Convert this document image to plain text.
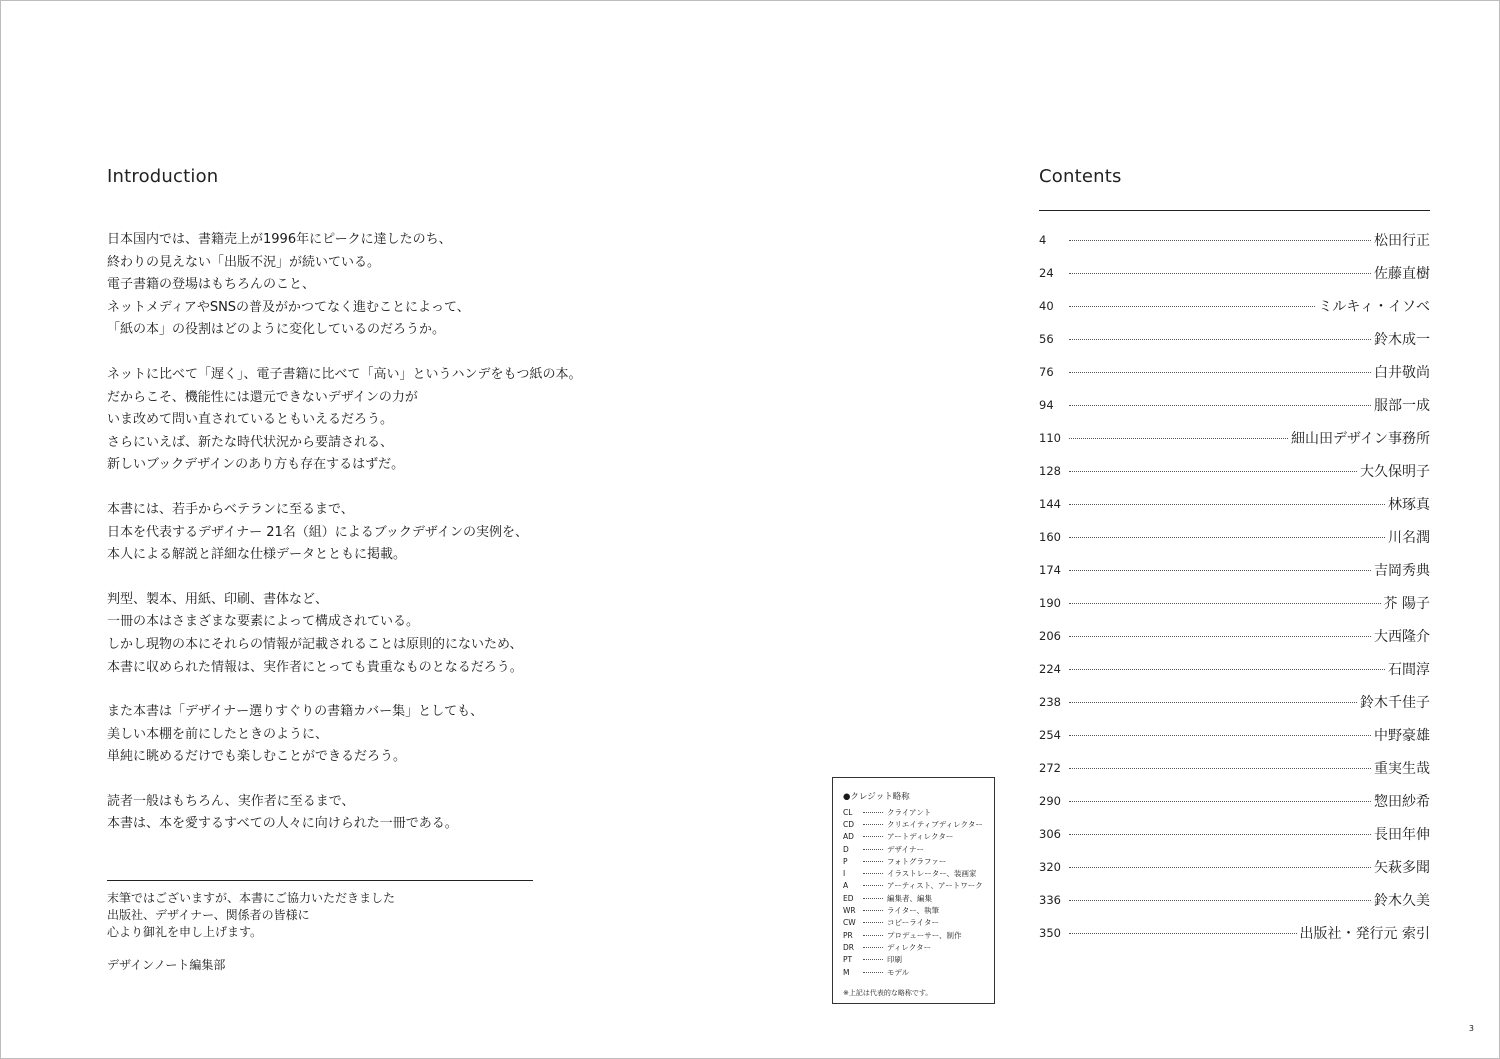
Introduction
日本国内では、書籍売上が1996年にピークに達したのち、
終わりの見えない「出版不況」が続いている。
電子書籍の登場はもちろんのこと、
ネットメディアやSNSの普及がかつてなく進むことによって、
「紙の本」の役割はどのように変化しているのだろうか。
ネットに比べて「遅く」、電子書籍に比べて「高い」というハンデをもつ紙の本。
だからこそ、機能性には還元できないデザインの力が
いま改めて問い直されているともいえるだろう。
さらにいえば、新たな時代状況から要請される、
新しいブックデザインのあり方も存在するはずだ。
本書には、若手からベテランに至るまで、
日本を代表するデザイナー 21名（組）によるブックデザインの実例を、
本人による解説と詳細な仕様データとともに掲載。
判型、製本、用紙、印刷、書体など、
一冊の本はさまざまな要素によって構成されている。
しかし現物の本にそれらの情報が記載されることは原則的にないため、
本書に収められた情報は、実作者にとっても貴重なものとなるだろう。
また本書は「デザイナー選りすぐりの書籍カバー集」としても、
美しい本棚を前にしたときのように、
単純に眺めるだけでも楽しむことができるだろう。
読者一般はもちろん、実作者に至るまで、
本書は、本を愛するすべての人々に向けられた一冊である。
末筆ではございますが、本書にご協力いただきました
出版社、デザイナー、関係者の皆様に
心より御礼を申し上げます。
デザインノート編集部
●クレジット略称
CL	クライアント
CD	クリエイティブディレクター
AD	アートディレクター
D	デザイナー
P	フォトグラファー
I	イラストレーター、装画家
A	アーティスト、アートワーク
ED	編集者、編集
WR	ライター、執筆
CW	コピーライター
PR	プロデューサー、制作
DR	ディレクター
PT	印刷
M	モデル
※上記は代表的な略称です。
Contents
4	松田行正
24	佐藤直樹
40	ミルキィ・イソベ
56	鈴木成一
76	白井敬尚
94	服部一成
110	細山田デザイン事務所
128	大久保明子
144	林琢真
160	川名潤
174	吉岡秀典
190	芥 陽子
206	大西隆介
224	石間淳
238	鈴木千佳子
254	中野豪雄
272	重実生哉
290	惣田紗希
306	長田年伸
320	矢萩多聞
336	鈴木久美
350	出版社・発行元 索引
3
